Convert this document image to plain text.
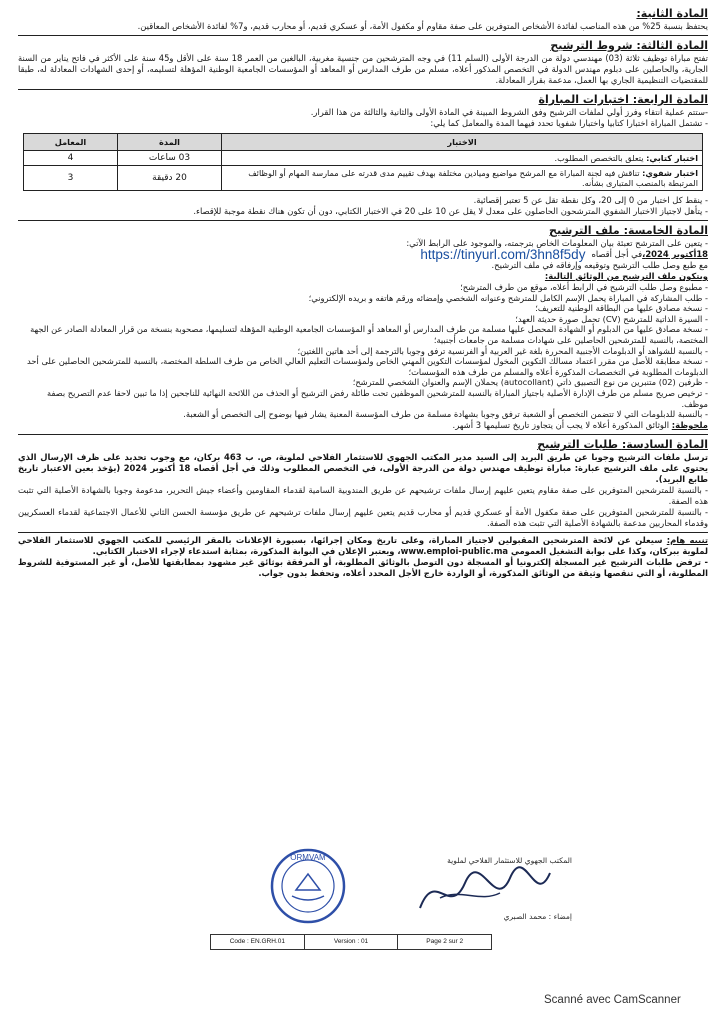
المادة الثانية:

يحتفظ بنسبة 25% من هذه المناصب لفائدة الأشخاص المتوفرين على صفة مقاوم أو مكفول الأمة، أو عسكري قديم، أو محارب قديم، و7% لفائدة الأشخاص المعاقين.

المادة الثالثة: شروط الترشيح

تفتح مباراة توظيف ثلاثة (03) مهندسي دولة من الدرجة الأولى (السلم 11) في وجه المترشحين من جنسية مغربية، البالغين من العمر 18 سنة على الأقل و45 سنة على الأكثر في فاتح يناير من السنة الجارية، والحاصلين على دبلوم مهندس الدولة في التخصص المذكور أعلاه، مسلم من طرف المدارس أو المعاهد أو المؤسسات الجامعية الوطنية المؤهلة لتسليمه، أو إحدى الشهادات المعادلة له، طبقا للمقتضيات التنظيمية الجاري بها العمل، مدعمة بقرار المعادلة.

المادة الرابعة: اختبارات المباراة

-ستتم عملية انتقاء وفرز أولي لملفات الترشيح وفق الشروط المبينة في المادة الأولى والثانية والثالثة من هذا القرار.

- تشتمل المباراة اختبارا كتابيا واختبارا شفويا تحدد فيهما المدة والمعامل كما يلي:

الاختبار	المدة	المعامل
اختبار كتابي: يتعلق بالتخصص المطلوب.	03 ساعات	4
اختبار شفوي: تناقش فيه لجنة المباراة مع المرشح مواضيع وميادين مختلفة بهدف تقييم مدى قدرته على ممارسة المهام أو الوظائف المرتبطة بالمنصب المتبارى بشأنه.	20 دقيقة	3

- ينقط كل اختبار من 0 إلى 20، وكل نقطة تقل عن 5 تعتبر إقصائية.

- يتأهل لاجتياز الاختبار الشفوي المترشحون الحاصلون على معدل لا يقل عن 10 على 20 في الاختبار الكتابي، دون أن تكون هناك نقطة موجبة للإقصاء.

المادة الخامسة: ملف الترشيح

- يتعين على المترشح تعبئة بيان المعلومات الخاص بترجمته، والموجود على الرابط الآتي:

18أكتوبر 2024،
في أجل أقصاه
https://tinyurl.com/3hn8f5dy

مع طبع وصل طلب الترشيح وتوقيعه وإرفاقه في ملف الترشيح.

ويتكون ملف الترشيح من الوثائق التالية:

- مطبوع وصل طلب الترشيح في الرابط أعلاه، موقع من طرف المترشح؛
- طلب المشاركة في المباراة يحمل الإسم الكامل للمترشح وعنوانه الشخصي وإمضائه ورقم هاتفه و بريده الإلكتروني؛
- نسخة مصادق عليها من البطاقة الوطنية للتعريف؛
- السيرة الذاتية للمترشح (CV) تحمل صورة حديثة العهد؛
- نسخة مصادق عليها من الدبلوم أو الشهادة المحصل عليها مسلمة من طرف المدارس أو المعاهد أو المؤسسات الجامعية الوطنية المؤهلة لتسليمها، مصحوبة بنسخة من قرار المعادلة الصادر عن الجهة المختصة، بالنسبة للمترشحين الحاصلين على شهادات مسلمة من جامعات أجنبية؛
- بالنسبة للشواهد أو الدبلومات الأجنبية المحررة بلغة غير العربية أو الفرنسية ترفق وجوبا بالترجمة إلى أحد هاتين اللغتين؛
- نسخة مطابقة للأصل من مقرر اعتماد مسالك التكوين المخول لمؤسسات التكوين المهني الخاص ولمؤسسات التعليم العالي الخاص من طرف السلطة المختصة، بالنسبة للمترشحين الحاصلين على أحد الدبلومات المطلوبة في التخصصات المذكورة أعلاه والمسلم من طرف هذه المؤسسات؛
- ظرفين (02) متنبرين من نوع التصبيق ذاتي (autocollant) يحملان الإسم والعنوان الشخصي للمترشح؛
- ترخيص صريح مسلم من طرف الإدارة الأصلية باجتياز المباراة بالنسبة للمترشحين الموظفين تحت طائلة رفض الترشيح أو الحذف من اللائحة النهائية للناجحين إذا ما تبين لاحقا عدم التصريح بصفة موظف.

- بالنسبة للدبلومات التي لا تتضمن التخصص أو الشعبة ترفق وجوبا بشهادة مسلمة من طرف المؤسسة المعنية يشار فيها بوضوح إلى التخصص أو الشعبة.

ملحوظة: الوثائق المذكورة أعلاه لا يجب أن يتجاوز تاريخ تسليمها 3 أشهر.

المادة السادسة: طلبات الترشيح

ترسل ملفات الترشيح وجوبا عن طريق البريد إلى السيد مدير المكتب الجهوي للاستثمار الفلاحي لملوية، ص. ب 463 بركان، مع وجوب تحديد على ظرف الإرسال الذي يحتوي على ملف الترشيح عبارة: مباراة توظيف مهندس دولة من الدرجة الأولى، في التخصص المطلوب وذلك في أجل أقصاه 18 أكتوبر 2024 (يؤخذ بعين الاعتبار تاريخ طابع البريد).

- بالنسبة للمترشحين المتوفرين على صفة مقاوم يتعين عليهم إرسال ملفات ترشيحهم عن طريق المندوبية السامية لقدماء المقاومين وأعضاء جيش التحرير، مدعومة وجوبا بالشهادة الأصلية التي تثبت هذه الصفة.

- بالنسبة للمترشحين المتوفرين على صفة مكفول الأمة أو عسكري قديم أو محارب قديم يتعين عليهم إرسال ملفات ترشيحهم عن طريق مؤسسة الحسن الثاني للأعمال الاجتماعية لقدماء العسكريين وقدماء المحاربين مدعمة بالشهادة الأصلية التي تثبت هذه الصفة.

تنبيه هام: سيعلن عن لائحة المترشحين المقبولين لاجتياز المباراة، وعلى تاريخ ومكان إجرائها، بسبورة الإعلانات بالمقر الرئيسي للمكتب الجهوي للاستثمار الفلاحي لملوية ببركان، وكذا على بوابة التشغيل العمومي www.emploi-public.ma، ويعتبر الإعلان في البوابة المذكورة، بمثابة استدعاء لإجراء الاختبار الكتابي.

- ترفض طلبات الترشيح غير المسجلة إلكترونيا أو المسجلة دون التوصل بالوثائق المطلوبة، أو المرفقة بوثائق غير مشهود بمطابقتها للأصل، أو غير المستوفية للشروط المطلوبة، أو التي تنقصها وثيقة من الوثائق المذكورة، أو الواردة خارج الأجل المحدد أعلاه، وتحفظ بدون جواب.

المكتب الجهوي للاستثمار الفلاحي لملوية
إمضاء : محمد الصبري
ORMVAM
Code : EN.GRH.01	Version : 01	Page 2 sur 2
Scanné avec CamScanner
